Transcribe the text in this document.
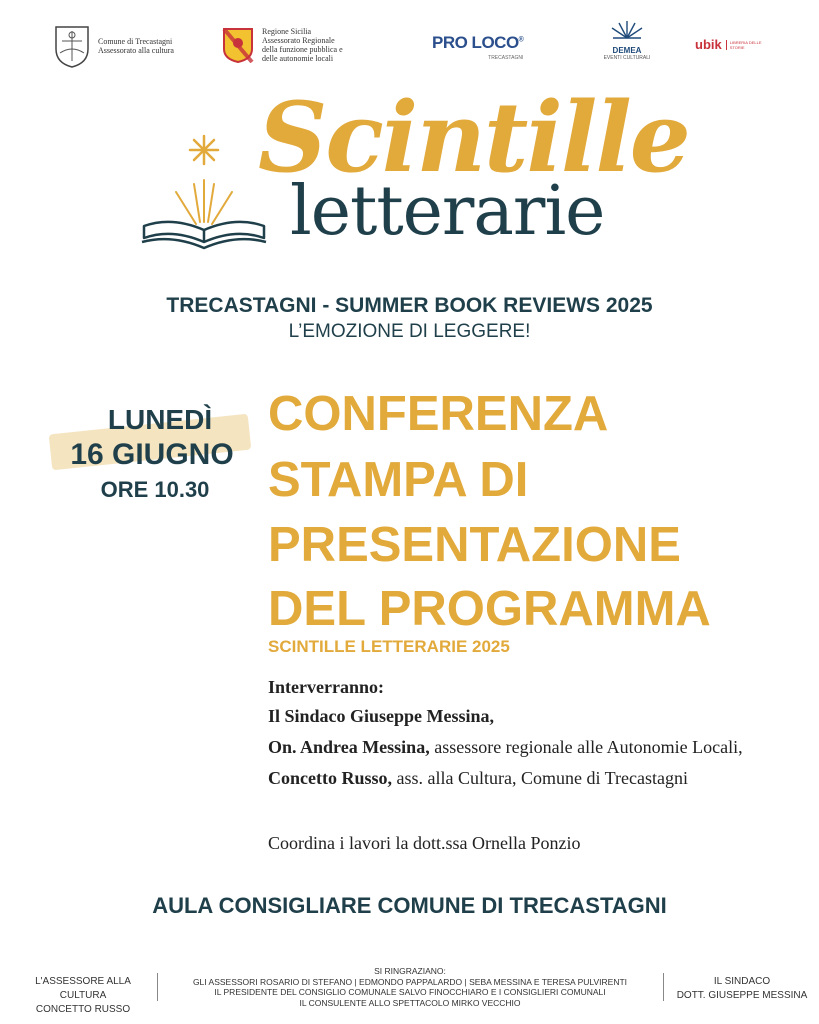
Comune di Trecastagni
Assessorato alla cultura
Regione Sicilia
Assessorato Regionale
della funzione pubblica e
delle autonomie locali
PRO LOCO®
TRECASTAGNI
DEMEA
EVENTI CULTURALI
ubik LIBRERIA DELLE
STORIE
Scintille
letterarie
TRECASTAGNI - SUMMER BOOK REVIEWS 2025
L’EMOZIONE DI LEGGERE!
LUNEDÌ
16 GIUGNO
ORE 10.30
CONFERENZA
STAMPA DI
PRESENTAZIONE
DEL PROGRAMMA
SCINTILLE LETTERARIE 2025
Interverranno:
Il Sindaco Giuseppe Messina,
On. Andrea Messina, assessore regionale alle Autonomie Locali,
Concetto Russo, ass. alla Cultura, Comune di Trecastagni
Coordina i lavori la dott.ssa Ornella Ponzio
AULA CONSIGLIARE COMUNE DI TRECASTAGNI
L'ASSESSORE ALLA CULTURA
CONCETTO RUSSO
SI RINGRAZIANO:
GLI ASSESSORI ROSARIO DI STEFANO | EDMONDO PAPPALARDO | SEBA MESSINA E TERESA PULVIRENTI
IL PRESIDENTE DEL CONSIGLIO COMUNALE SALVO FINOCCHIARO E I CONSIGLIERI COMUNALI
IL CONSULENTE ALLO SPETTACOLO MIRKO VECCHIO
IL SINDACO
DOTT. GIUSEPPE MESSINA
